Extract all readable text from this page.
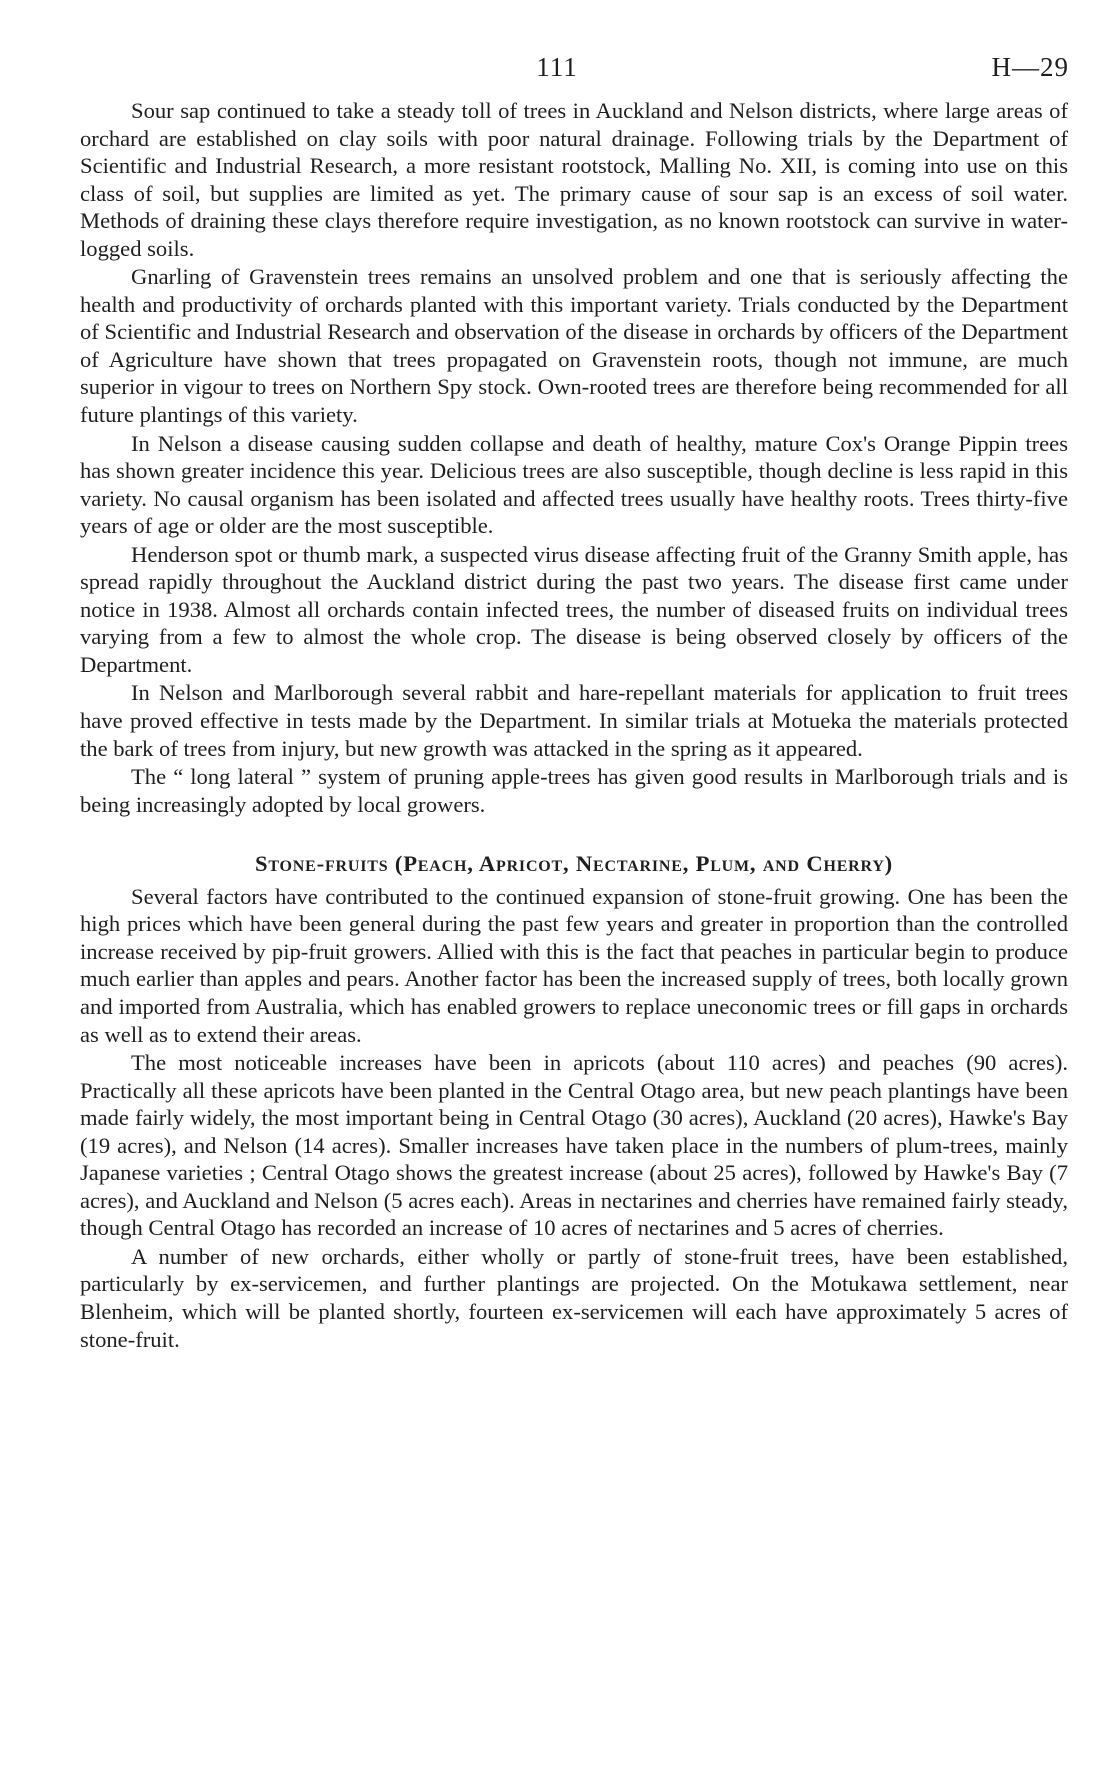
111	H—29

Sour sap continued to take a steady toll of trees in Auckland and Nelson districts, where large areas of orchard are established on clay soils with poor natural drainage. Following trials by the Department of Scientific and Industrial Research, a more resistant rootstock, Malling No. XII, is coming into use on this class of soil, but supplies are limited as yet. The primary cause of sour sap is an excess of soil water. Methods of draining these clays therefore require investigation, as no known rootstock can survive in water-logged soils.

Gnarling of Gravenstein trees remains an unsolved problem and one that is seriously affecting the health and productivity of orchards planted with this important variety. Trials conducted by the Department of Scientific and Industrial Research and observation of the disease in orchards by officers of the Department of Agriculture have shown that trees propagated on Gravenstein roots, though not immune, are much superior in vigour to trees on Northern Spy stock. Own-rooted trees are therefore being recommended for all future plantings of this variety.

In Nelson a disease causing sudden collapse and death of healthy, mature Cox's Orange Pippin trees has shown greater incidence this year. Delicious trees are also susceptible, though decline is less rapid in this variety. No causal organism has been isolated and affected trees usually have healthy roots. Trees thirty-five years of age or older are the most susceptible.

Henderson spot or thumb mark, a suspected virus disease affecting fruit of the Granny Smith apple, has spread rapidly throughout the Auckland district during the past two years. The disease first came under notice in 1938. Almost all orchards contain infected trees, the number of diseased fruits on individual trees varying from a few to almost the whole crop. The disease is being observed closely by officers of the Department.

In Nelson and Marlborough several rabbit and hare-repellant materials for application to fruit trees have proved effective in tests made by the Department. In similar trials at Motueka the materials protected the bark of trees from injury, but new growth was attacked in the spring as it appeared.

The “ long lateral ” system of pruning apple-trees has given good results in Marlborough trials and is being increasingly adopted by local growers.

Stone-fruits (Peach, Apricot, Nectarine, Plum, and Cherry)

Several factors have contributed to the continued expansion of stone-fruit growing. One has been the high prices which have been general during the past few years and greater in proportion than the controlled increase received by pip-fruit growers. Allied with this is the fact that peaches in particular begin to produce much earlier than apples and pears. Another factor has been the increased supply of trees, both locally grown and imported from Australia, which has enabled growers to replace uneconomic trees or fill gaps in orchards as well as to extend their areas.

The most noticeable increases have been in apricots (about 110 acres) and peaches (90 acres). Practically all these apricots have been planted in the Central Otago area, but new peach plantings have been made fairly widely, the most important being in Central Otago (30 acres), Auckland (20 acres), Hawke's Bay (19 acres), and Nelson (14 acres). Smaller increases have taken place in the numbers of plum-trees, mainly Japanese varieties ; Central Otago shows the greatest increase (about 25 acres), followed by Hawke's Bay (7 acres), and Auckland and Nelson (5 acres each). Areas in nectarines and cherries have remained fairly steady, though Central Otago has recorded an increase of 10 acres of nectarines and 5 acres of cherries.

A number of new orchards, either wholly or partly of stone-fruit trees, have been established, particularly by ex-servicemen, and further plantings are projected. On the Motukawa settlement, near Blenheim, which will be planted shortly, fourteen ex-servicemen will each have approximately 5 acres of stone-fruit.
